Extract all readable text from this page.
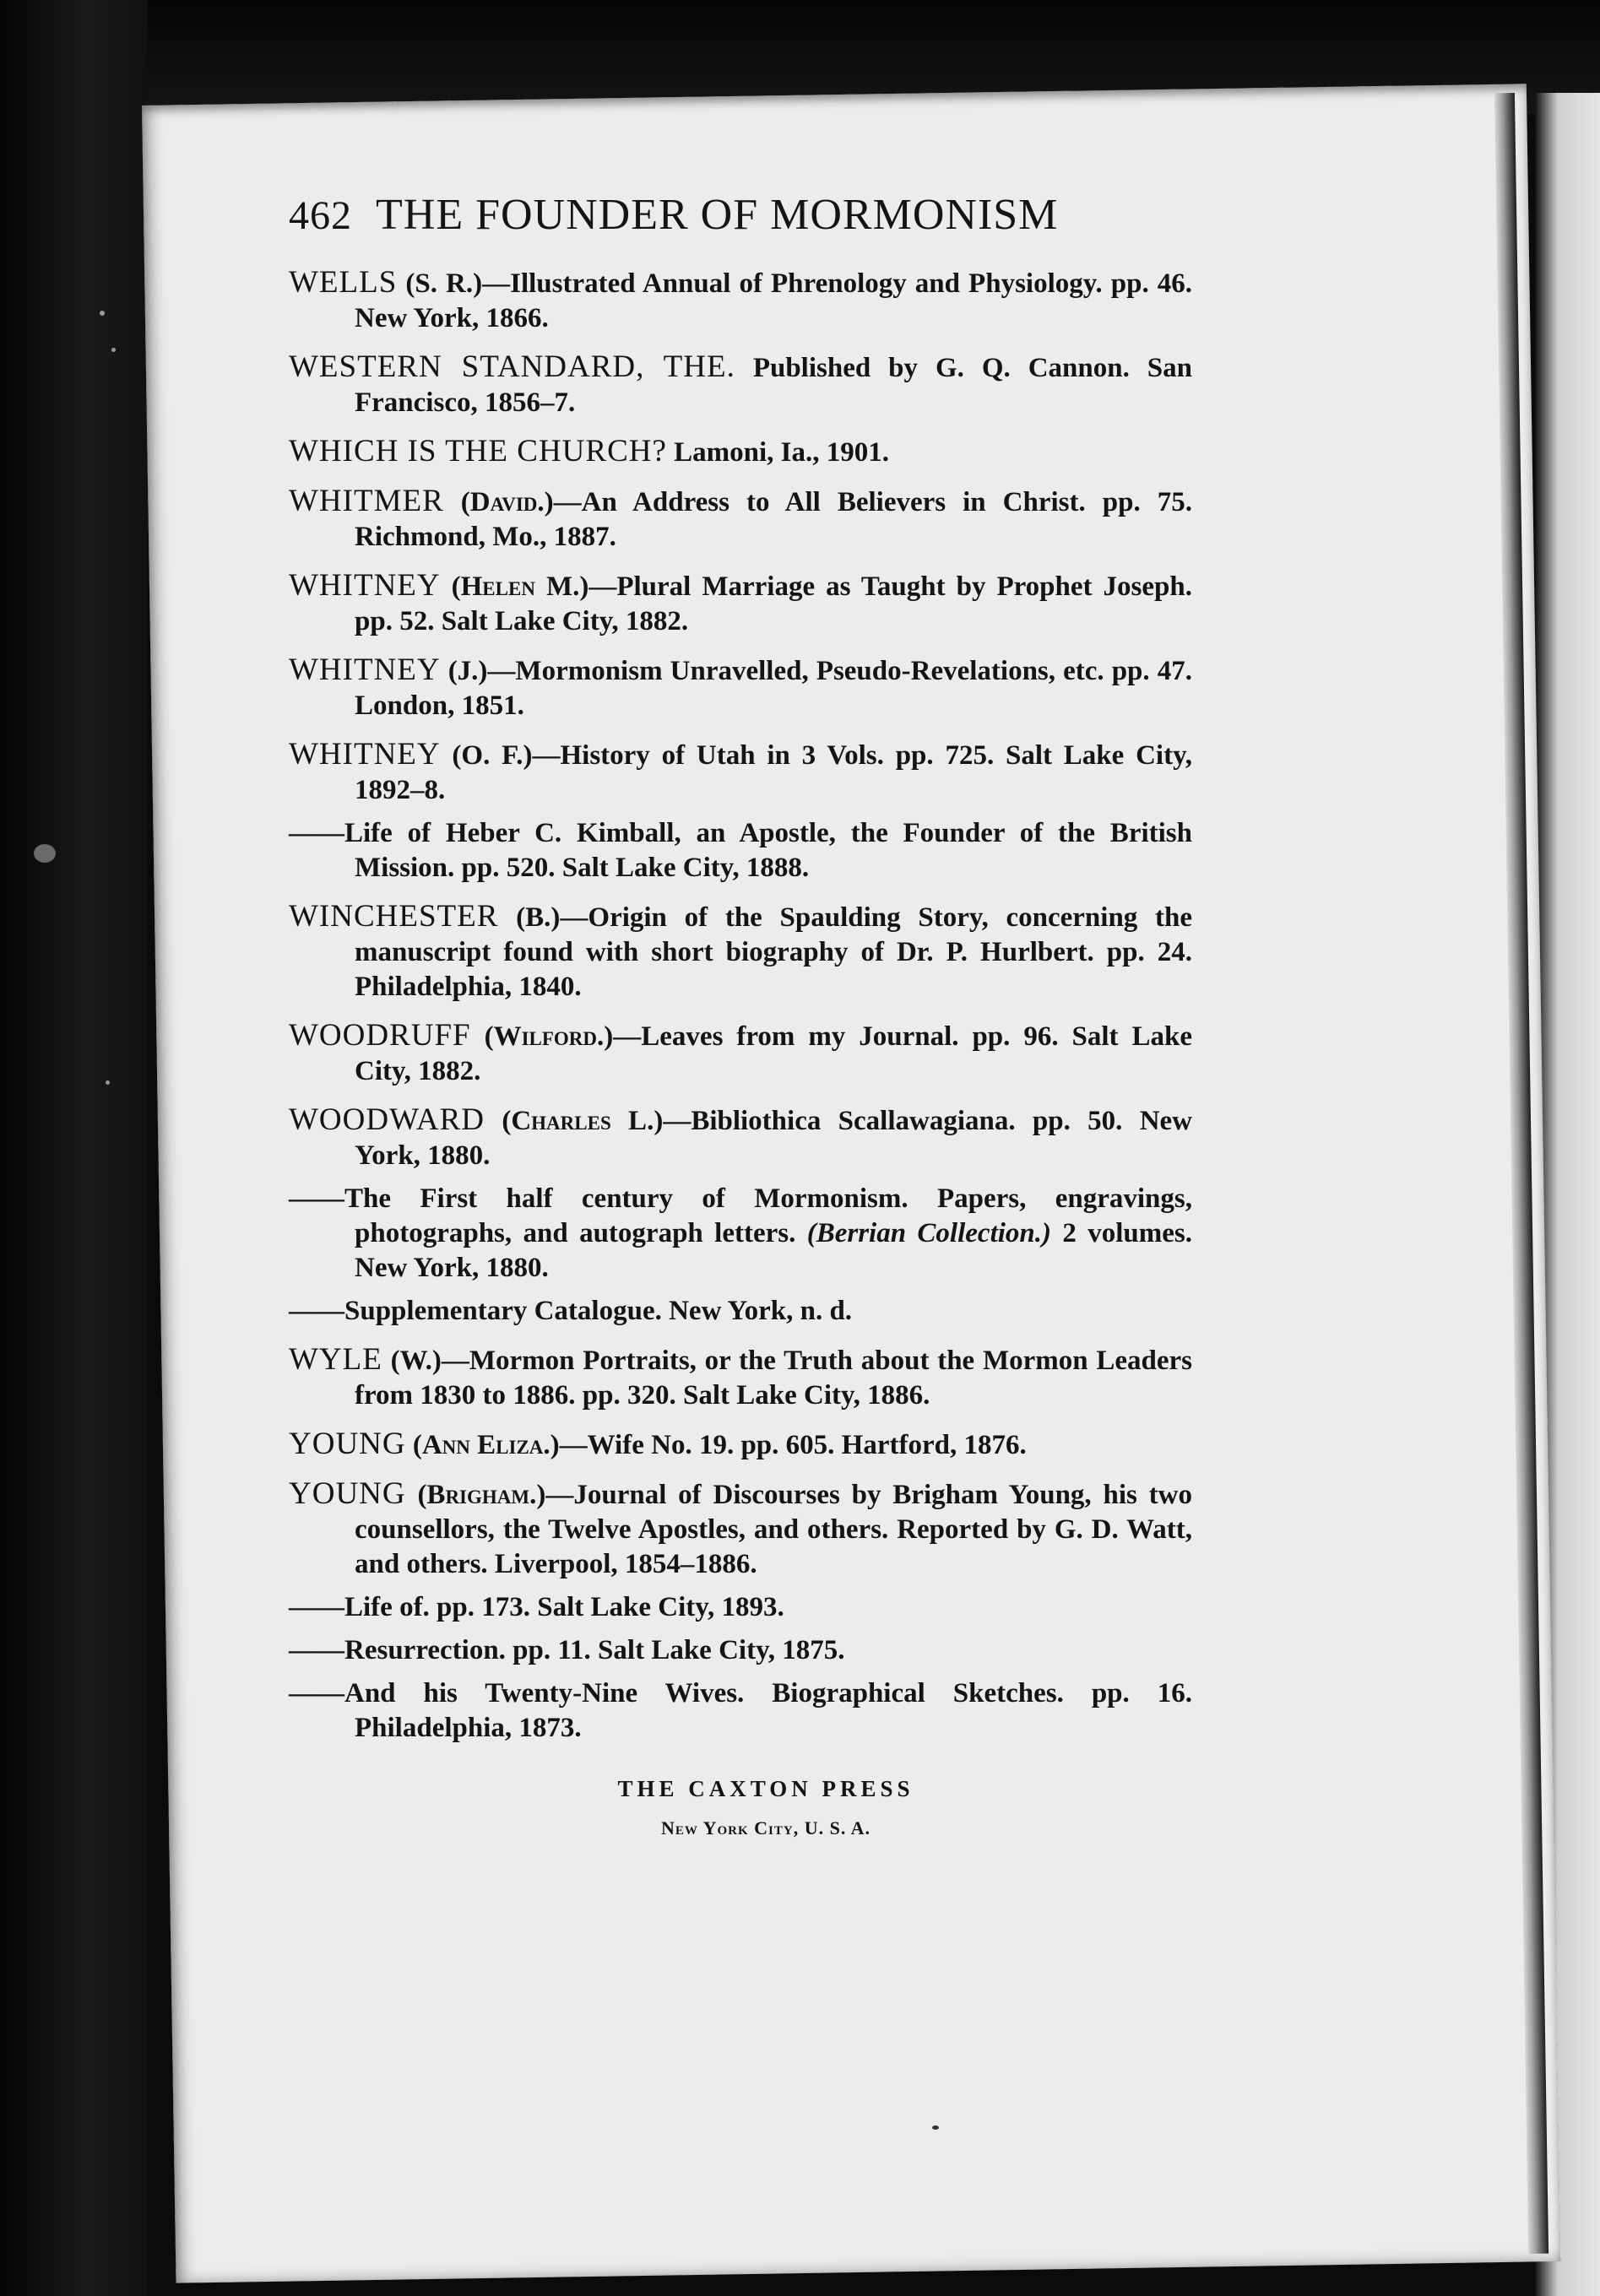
462 THE FOUNDER OF MORMONISM

WELLS (S. R.)—Illustrated Annual of Phrenology and Physiology. pp. 46. New York, 1866.

WESTERN STANDARD, THE. Published by G. Q. Cannon. San Francisco, 1856–7.

WHICH IS THE CHURCH? Lamoni, Ia., 1901.

WHITMER (David.)—An Address to All Believers in Christ. pp. 75. Richmond, Mo., 1887.

WHITNEY (Helen M.)—Plural Marriage as Taught by Prophet Joseph. pp. 52. Salt Lake City, 1882.

WHITNEY (J.)—Mormonism Unravelled, Pseudo-Revelations, etc. pp. 47. London, 1851.

WHITNEY (O. F.)—History of Utah in 3 Vols. pp. 725. Salt Lake City, 1892–8.

——Life of Heber C. Kimball, an Apostle, the Founder of the British Mission. pp. 520. Salt Lake City, 1888.

WINCHESTER (B.)—Origin of the Spaulding Story, concerning the manuscript found with short biography of Dr. P. Hurlbert. pp. 24. Philadelphia, 1840.

WOODRUFF (Wilford.)—Leaves from my Journal. pp. 96. Salt Lake City, 1882.

WOODWARD (Charles L.)—Bibliothica Scallawagiana. pp. 50. New York, 1880.

——The First half century of Mormonism. Papers, engravings, photographs, and autograph letters. (Berrian Collection.) 2 volumes. New York, 1880.

——Supplementary Catalogue. New York, n. d.

WYLE (W.)—Mormon Portraits, or the Truth about the Mormon Leaders from 1830 to 1886. pp. 320. Salt Lake City, 1886.

YOUNG (Ann Eliza.)—Wife No. 19. pp. 605. Hartford, 1876.

YOUNG (Brigham.)—Journal of Discourses by Brigham Young, his two counsellors, the Twelve Apostles, and others. Reported by G. D. Watt, and others. Liverpool, 1854–1886.

——Life of. pp. 173. Salt Lake City, 1893.

——Resurrection. pp. 11. Salt Lake City, 1875.

——And his Twenty-Nine Wives. Biographical Sketches. pp. 16. Philadelphia, 1873.

THE CAXTON PRESS
New York City, U. S. A.
